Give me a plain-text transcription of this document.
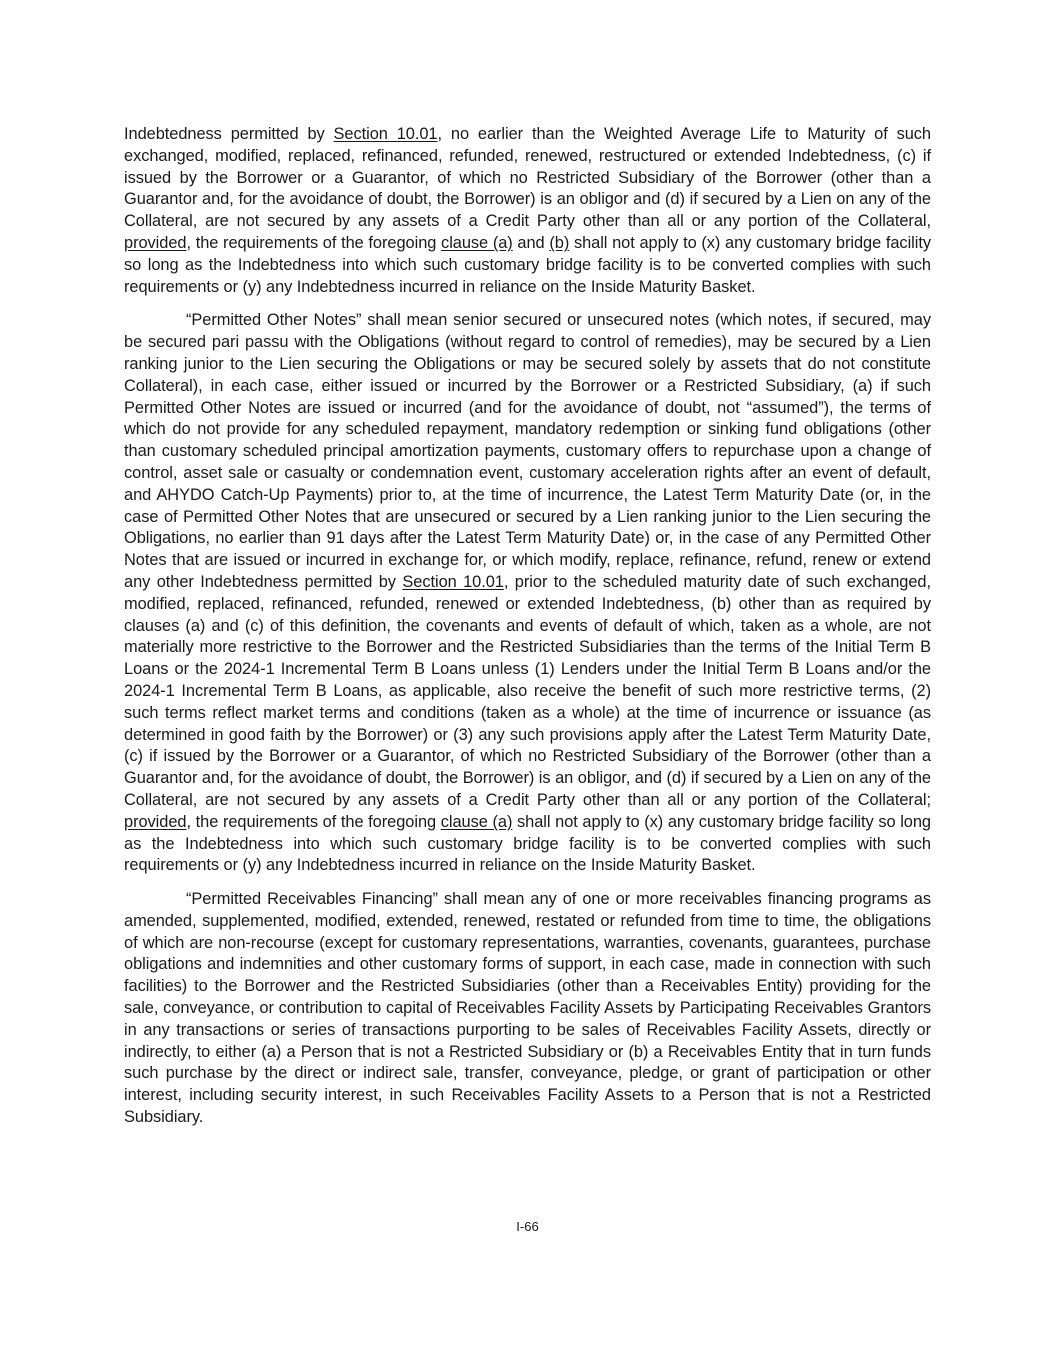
Indebtedness permitted by Section 10.01, no earlier than the Weighted Average Life to Maturity of such exchanged, modified, replaced, refinanced, refunded, renewed, restructured or extended Indebtedness, (c) if issued by the Borrower or a Guarantor, of which no Restricted Subsidiary of the Borrower (other than a Guarantor and, for the avoidance of doubt, the Borrower) is an obligor and (d) if secured by a Lien on any of the Collateral, are not secured by any assets of a Credit Party other than all or any portion of the Collateral, provided, the requirements of the foregoing clause (a) and (b) shall not apply to (x) any customary bridge facility so long as the Indebtedness into which such customary bridge facility is to be converted complies with such requirements or (y) any Indebtedness incurred in reliance on the Inside Maturity Basket.

“Permitted Other Notes” shall mean senior secured or unsecured notes (which notes, if secured, may be secured pari passu with the Obligations (without regard to control of remedies), may be secured by a Lien ranking junior to the Lien securing the Obligations or may be secured solely by assets that do not constitute Collateral), in each case, either issued or incurred by the Borrower or a Restricted Subsidiary, (a) if such Permitted Other Notes are issued or incurred (and for the avoidance of doubt, not “assumed”), the terms of which do not provide for any scheduled repayment, mandatory redemption or sinking fund obligations (other than customary scheduled principal amortization payments, customary offers to repurchase upon a change of control, asset sale or casualty or condemnation event, customary acceleration rights after an event of default, and AHYDO Catch-Up Payments) prior to, at the time of incurrence, the Latest Term Maturity Date (or, in the case of Permitted Other Notes that are unsecured or secured by a Lien ranking junior to the Lien securing the Obligations, no earlier than 91 days after the Latest Term Maturity Date) or, in the case of any Permitted Other Notes that are issued or incurred in exchange for, or which modify, replace, refinance, refund, renew or extend any other Indebtedness permitted by Section 10.01, prior to the scheduled maturity date of such exchanged, modified, replaced, refinanced, refunded, renewed or extended Indebtedness, (b) other than as required by clauses (a) and (c) of this definition, the covenants and events of default of which, taken as a whole, are not materially more restrictive to the Borrower and the Restricted Subsidiaries than the terms of the Initial Term B Loans or the 2024-1 Incremental Term B Loans unless (1) Lenders under the Initial Term B Loans and/or the 2024-1 Incremental Term B Loans, as applicable, also receive the benefit of such more restrictive terms, (2) such terms reflect market terms and conditions (taken as a whole) at the time of incurrence or issuance (as determined in good faith by the Borrower) or (3) any such provisions apply after the Latest Term Maturity Date, (c) if issued by the Borrower or a Guarantor, of which no Restricted Subsidiary of the Borrower (other than a Guarantor and, for the avoidance of doubt, the Borrower) is an obligor, and (d) if secured by a Lien on any of the Collateral, are not secured by any assets of a Credit Party other than all or any portion of the Collateral; provided, the requirements of the foregoing clause (a) shall not apply to (x) any customary bridge facility so long as the Indebtedness into which such customary bridge facility is to be converted complies with such requirements or (y) any Indebtedness incurred in reliance on the Inside Maturity Basket.

“Permitted Receivables Financing” shall mean any of one or more receivables financing programs as amended, supplemented, modified, extended, renewed, restated or refunded from time to time, the obligations of which are non-recourse (except for customary representations, warranties, covenants, guarantees, purchase obligations and indemnities and other customary forms of support, in each case, made in connection with such facilities) to the Borrower and the Restricted Subsidiaries (other than a Receivables Entity) providing for the sale, conveyance, or contribution to capital of Receivables Facility Assets by Participating Receivables Grantors in any transactions or series of transactions purporting to be sales of Receivables Facility Assets, directly or indirectly, to either (a) a Person that is not a Restricted Subsidiary or (b) a Receivables Entity that in turn funds such purchase by the direct or indirect sale, transfer, conveyance, pledge, or grant of participation or other interest, including security interest, in such Receivables Facility Assets to a Person that is not a Restricted Subsidiary.

I-66
